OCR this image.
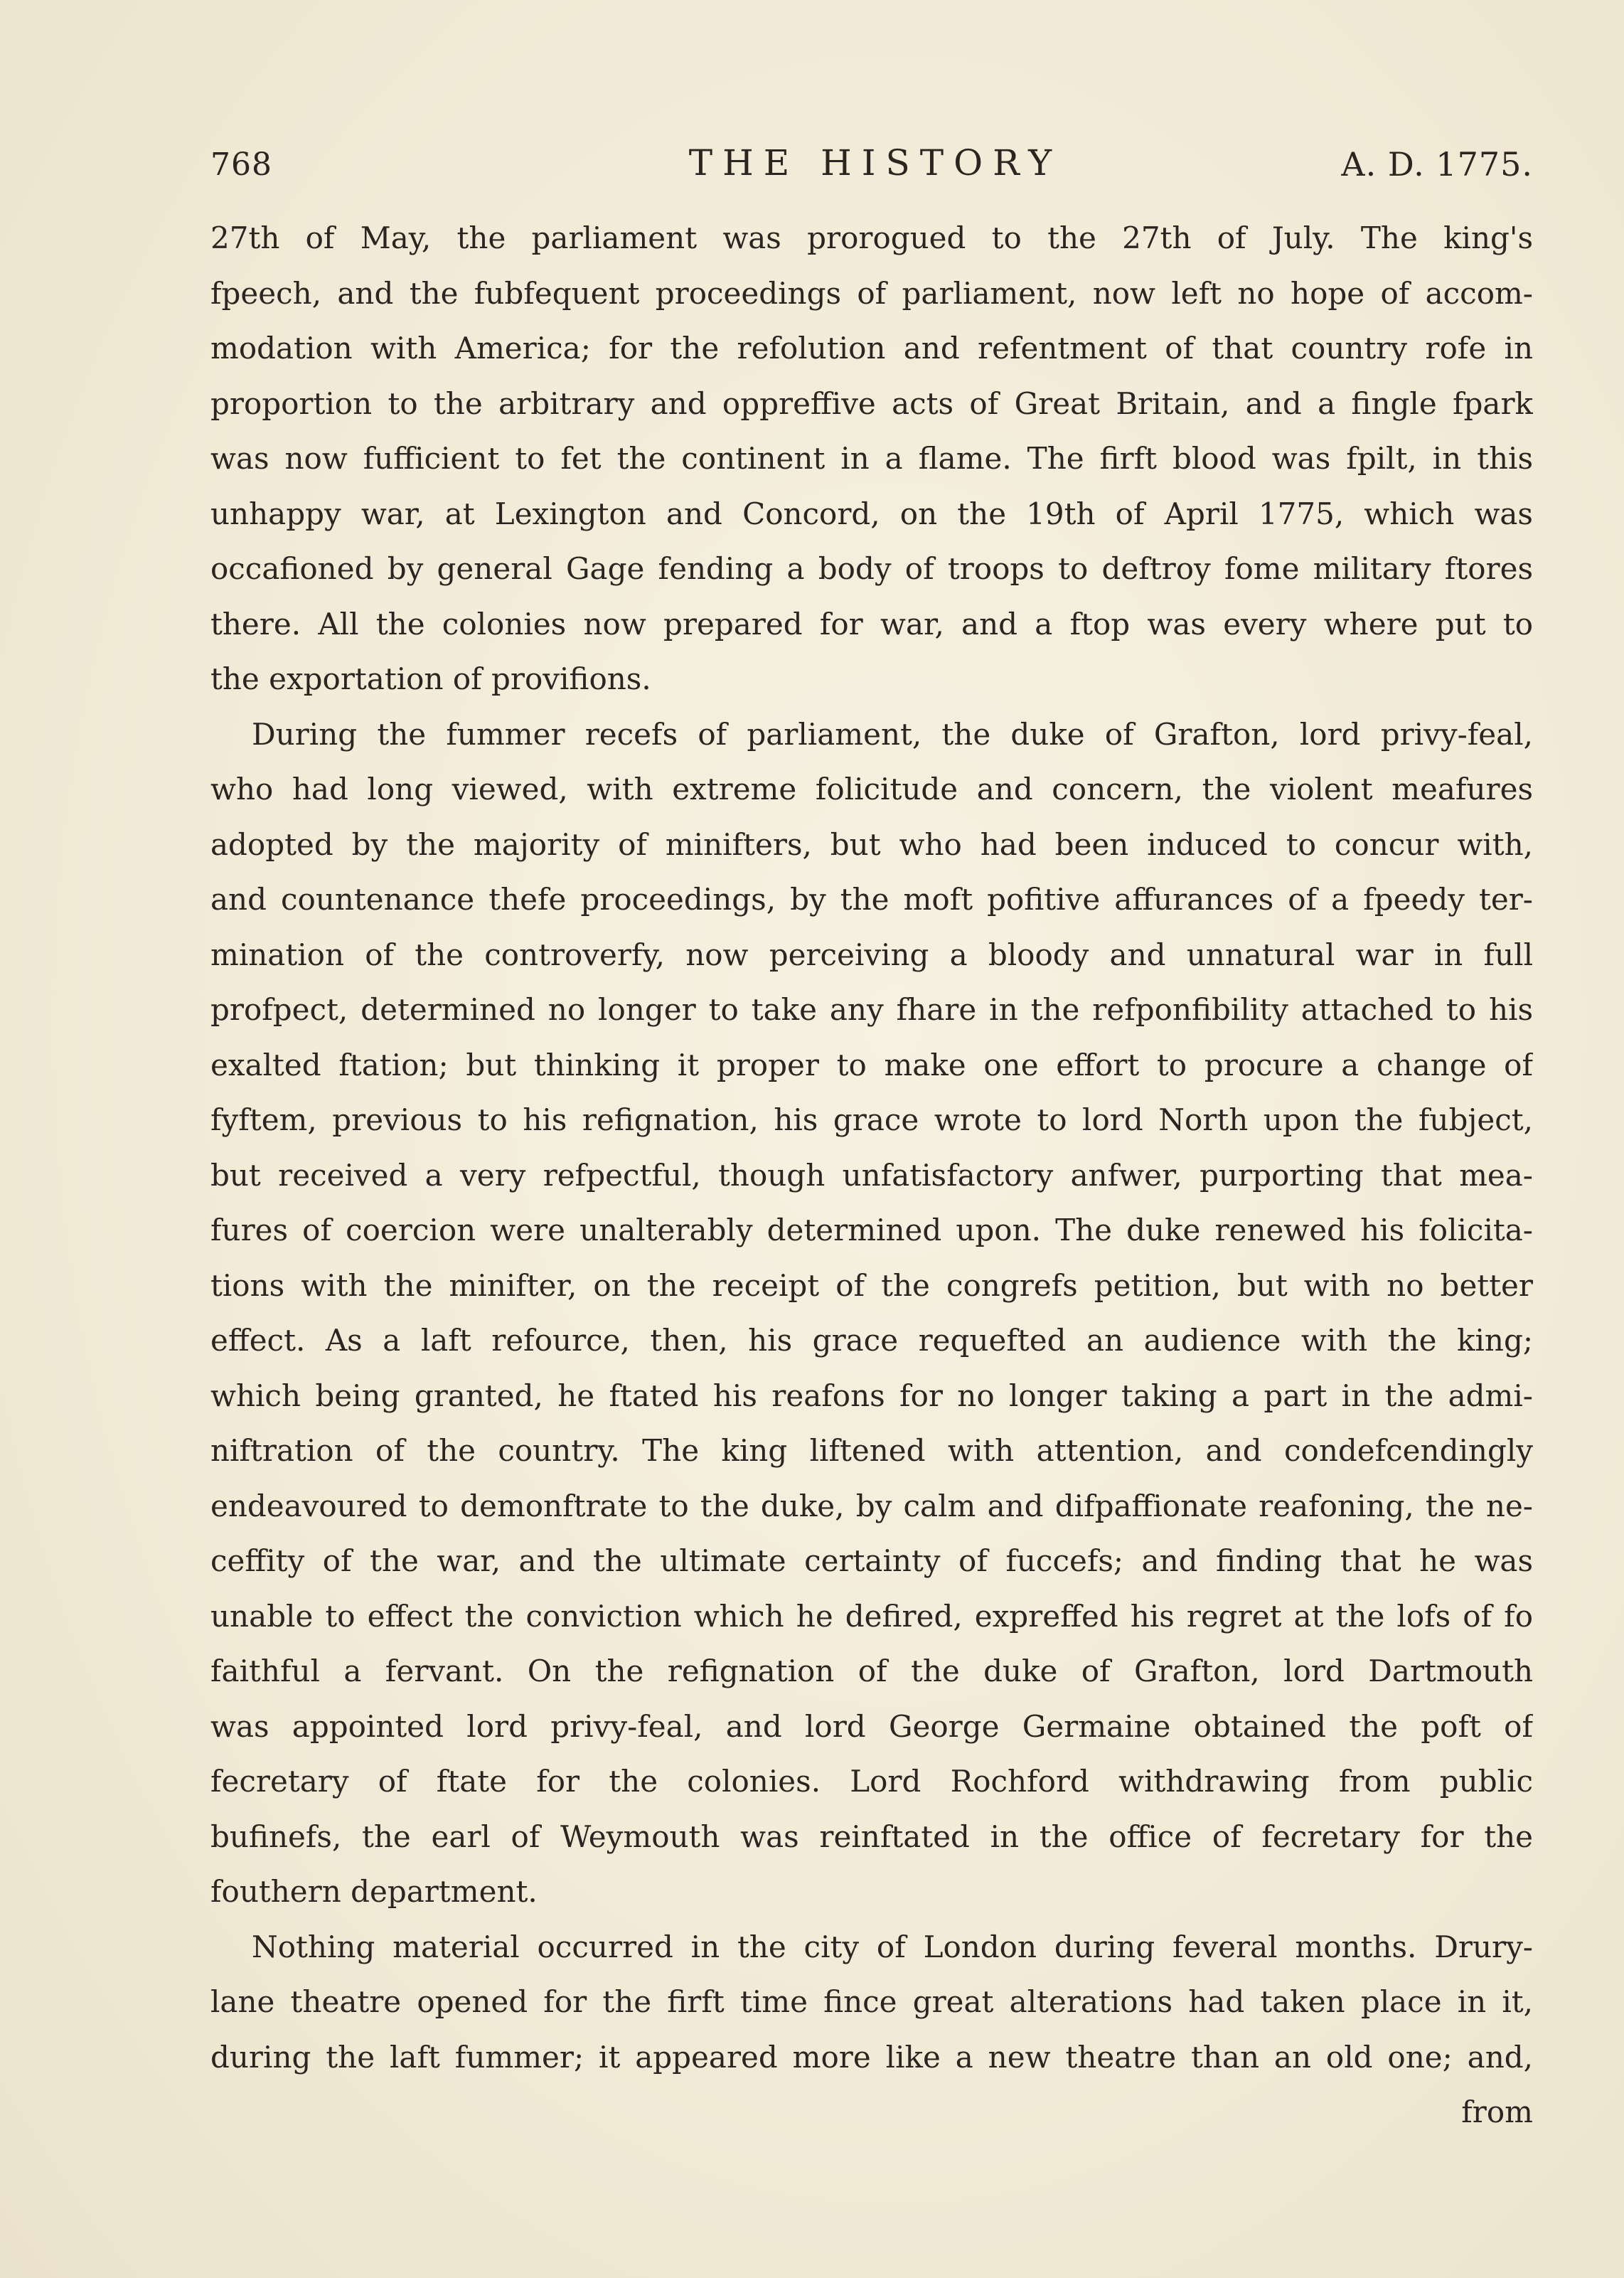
768	THE HISTORY	A. D. 1775.
27th of May, the parliament was prorogued to the 27th of July. The king's
fpeech, and the fubfequent proceedings of parliament, now left no hope of accom-
modation with America; for the refolution and refentment of that country rofe in
proportion to the arbitrary and oppreffive acts of Great Britain, and a fingle fpark
was now fufficient to fet the continent in a flame. The firft blood was fpilt, in this
unhappy war, at Lexington and Concord, on the 19th of April 1775, which was
occafioned by general Gage fending a body of troops to deftroy fome military ftores
there. All the colonies now prepared for war, and a ftop was every where put to
the exportation of provifions.
During the fummer recefs of parliament, the duke of Grafton, lord privy-feal,
who had long viewed, with extreme folicitude and concern, the violent meafures
adopted by the majority of minifters, but who had been induced to concur with,
and countenance thefe proceedings, by the moft pofitive affurances of a fpeedy ter-
mination of the controverfy, now perceiving a bloody and unnatural war in full
profpect, determined no longer to take any fhare in the refponfibility attached to his
exalted ftation; but thinking it proper to make one effort to procure a change of
fyftem, previous to his refignation, his grace wrote to lord North upon the fubject,
but received a very refpectful, though unfatisfactory anfwer, purporting that mea-
fures of coercion were unalterably determined upon. The duke renewed his folicita-
tions with the minifter, on the receipt of the congrefs petition, but with no better
effect. As a laft refource, then, his grace requefted an audience with the king;
which being granted, he ftated his reafons for no longer taking a part in the admi-
niftration of the country. The king liftened with attention, and condefcendingly
endeavoured to demonftrate to the duke, by calm and difpaffionate reafoning, the ne-
ceffity of the war, and the ultimate certainty of fuccefs; and finding that he was
unable to effect the conviction which he defired, expreffed his regret at the lofs of fo
faithful a fervant. On the refignation of the duke of Grafton, lord Dartmouth
was appointed lord privy-feal, and lord George Germaine obtained the poft of
fecretary of ftate for the colonies. Lord Rochford withdrawing from public
bufinefs, the earl of Weymouth was reinftated in the office of fecretary for the
fouthern department.
Nothing material occurred in the city of London during feveral months. Drury-
lane theatre opened for the firft time fince great alterations had taken place in it,
during the laft fummer; it appeared more like a new theatre than an old one; and,
from
